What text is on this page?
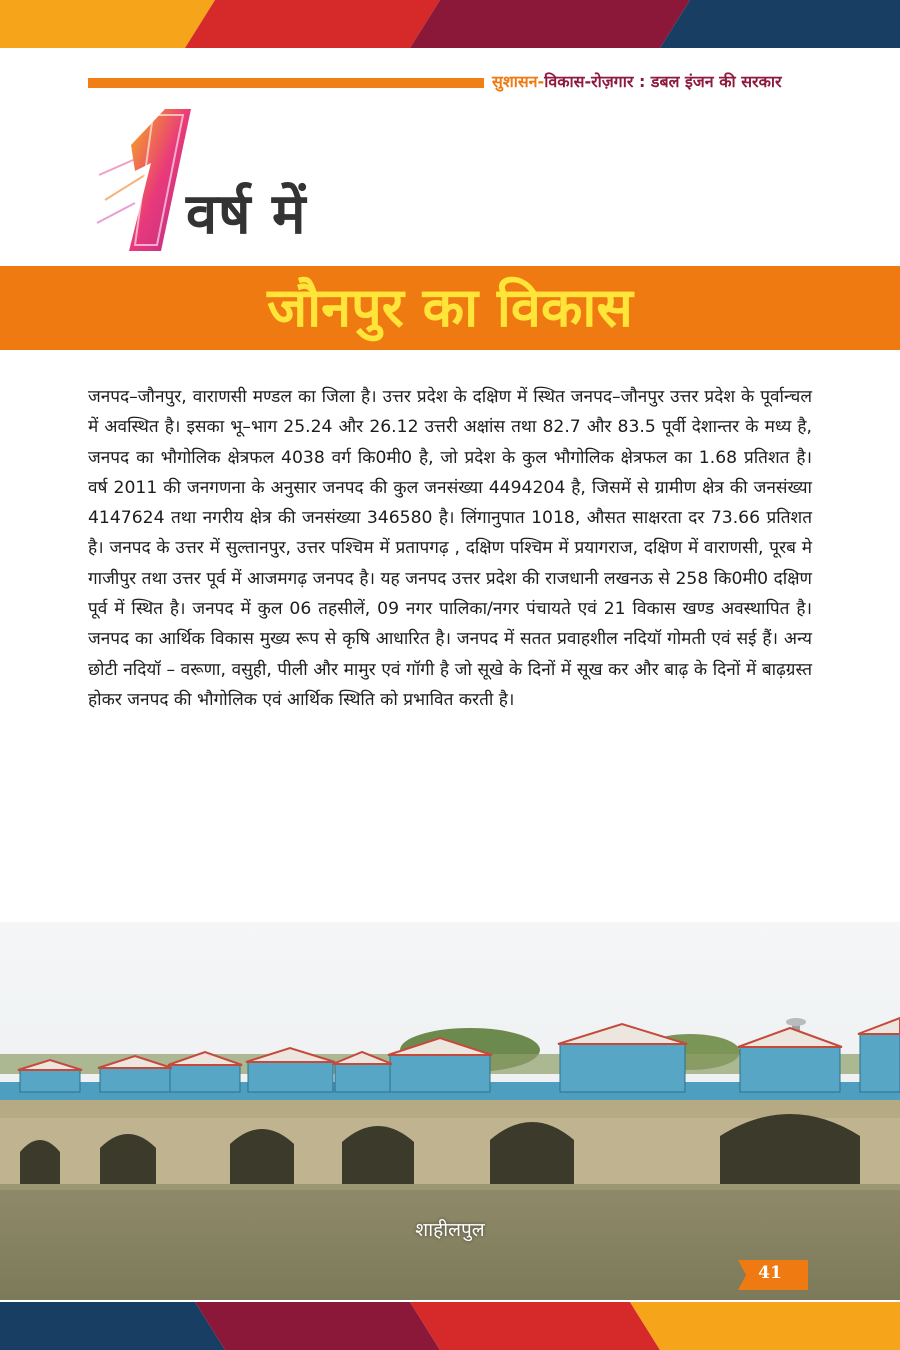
सुशासन-विकास-रोज़गार : डबल इंजन की सरकार
वर्ष में
जौनपुर का विकास

जनपद–जौनपुर, वाराणसी मण्डल का जिला है। उत्तर प्रदेश के दक्षिण में स्थित जनपद–जौनपुर उत्तर प्रदेश के पूर्वान्चल में अवस्थित है। इसका भू–भाग 25.24 और 26.12 उत्तरी अक्षांस तथा 82.7 और 83.5 पूर्वी देशान्तर के मध्य है, जनपद का भौगोलिक क्षेत्रफल 4038 वर्ग कि0मी0 है, जो प्रदेश के कुल भौगोलिक क्षेत्रफल का 1.68 प्रतिशत है। वर्ष 2011 की जनगणना के अनुसार जनपद की कुल जनसंख्या 4494204 है, जिसमें से ग्रामीण क्षेत्र की जनसंख्या 4147624 तथा नगरीय क्षेत्र की जनसंख्या 346580 है। लिंगानुपात 1018, औसत साक्षरता दर 73.66 प्रतिशत है। जनपद के उत्तर में सुल्तानपुर, उत्तर पश्चिम में प्रतापगढ़ , दक्षिण पश्चिम में प्रयागराज, दक्षिण में वाराणसी, पूरब मे गाजीपुर तथा उत्तर पूर्व में आजमगढ़ जनपद है। यह जनपद उत्तर प्रदेश की राजधानी लखनऊ से 258 कि0मी0 दक्षिण पूर्व में स्थित है। जनपद में कुल 06 तहसीलें, 09 नगर पालिका/नगर पंचायते एवं 21 विकास खण्ड अवस्थापित है। जनपद का आर्थिक विकास मुख्य रूप से कृषि आधारित है। जनपद में सतत प्रवाहशील नदियॉ गोमती एवं सई हैं। अन्य छोटी नदियॉ – वरूणा, वसुही, पीली और मामुर एवं गॉगी है जो सूखे के दिनों में सूख कर और बाढ़ के दिनों में बाढ़ग्रस्त होकर जनपद की भौगोलिक एवं आर्थिक स्थिति को प्रभावित करती है।

शाहीलपुल
41
